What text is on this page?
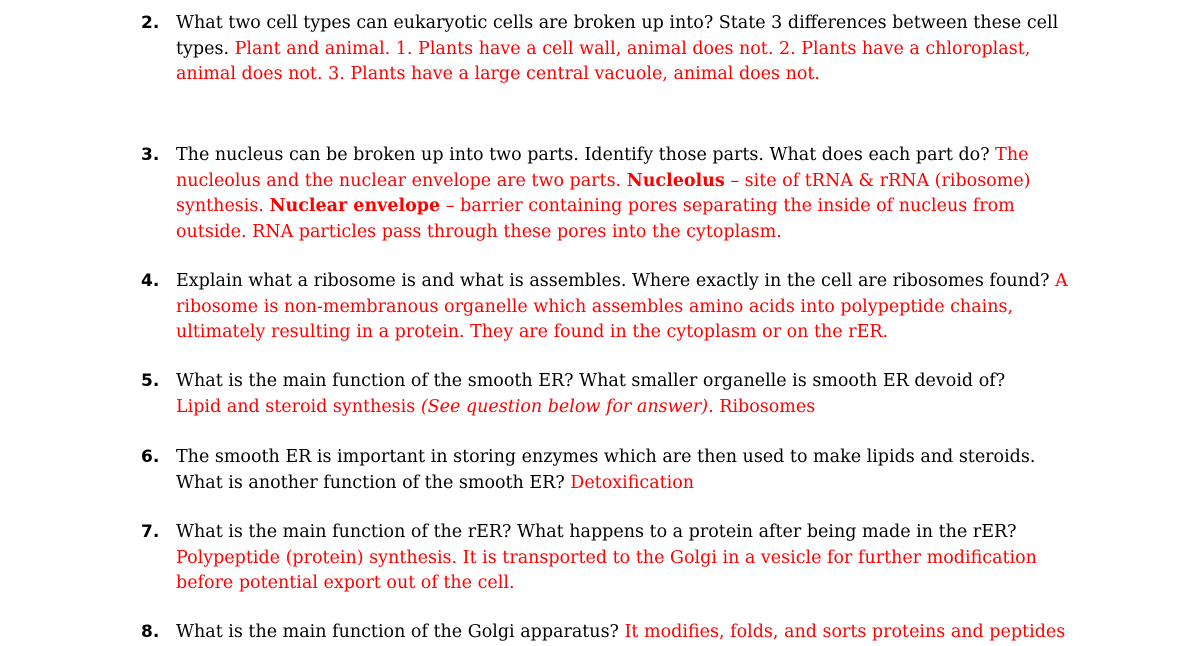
2. What two cell types can eukaryotic cells are broken up into? State 3 differences between these cell types. Plant and animal. 1. Plants have a cell wall, animal does not. 2. Plants have a chloroplast, animal does not. 3. Plants have a large central vacuole, animal does not.
3. The nucleus can be broken up into two parts. Identify those parts. What does each part do? The nucleolus and the nuclear envelope are two parts. Nucleolus – site of tRNA & rRNA (ribosome) synthesis. Nuclear envelope – barrier containing pores separating the inside of nucleus from outside. RNA particles pass through these pores into the cytoplasm.
4. Explain what a ribosome is and what is assembles. Where exactly in the cell are ribosomes found? A ribosome is non-membranous organelle which assembles amino acids into polypeptide chains, ultimately resulting in a protein. They are found in the cytoplasm or on the rER.
5. What is the main function of the smooth ER? What smaller organelle is smooth ER devoid of?
Lipid and steroid synthesis (See question below for answer). Ribosomes
6. The smooth ER is important in storing enzymes which are then used to make lipids and steroids. What is another function of the smooth ER? Detoxification
7. What is the main function of the rER? What happens to a protein after being made in the rER?
Polypeptide (protein) synthesis. It is transported to the Golgi in a vesicle for further modification before potential export out of the cell.
8. What is the main function of the Golgi apparatus? It modifies, folds, and sorts proteins and peptides
